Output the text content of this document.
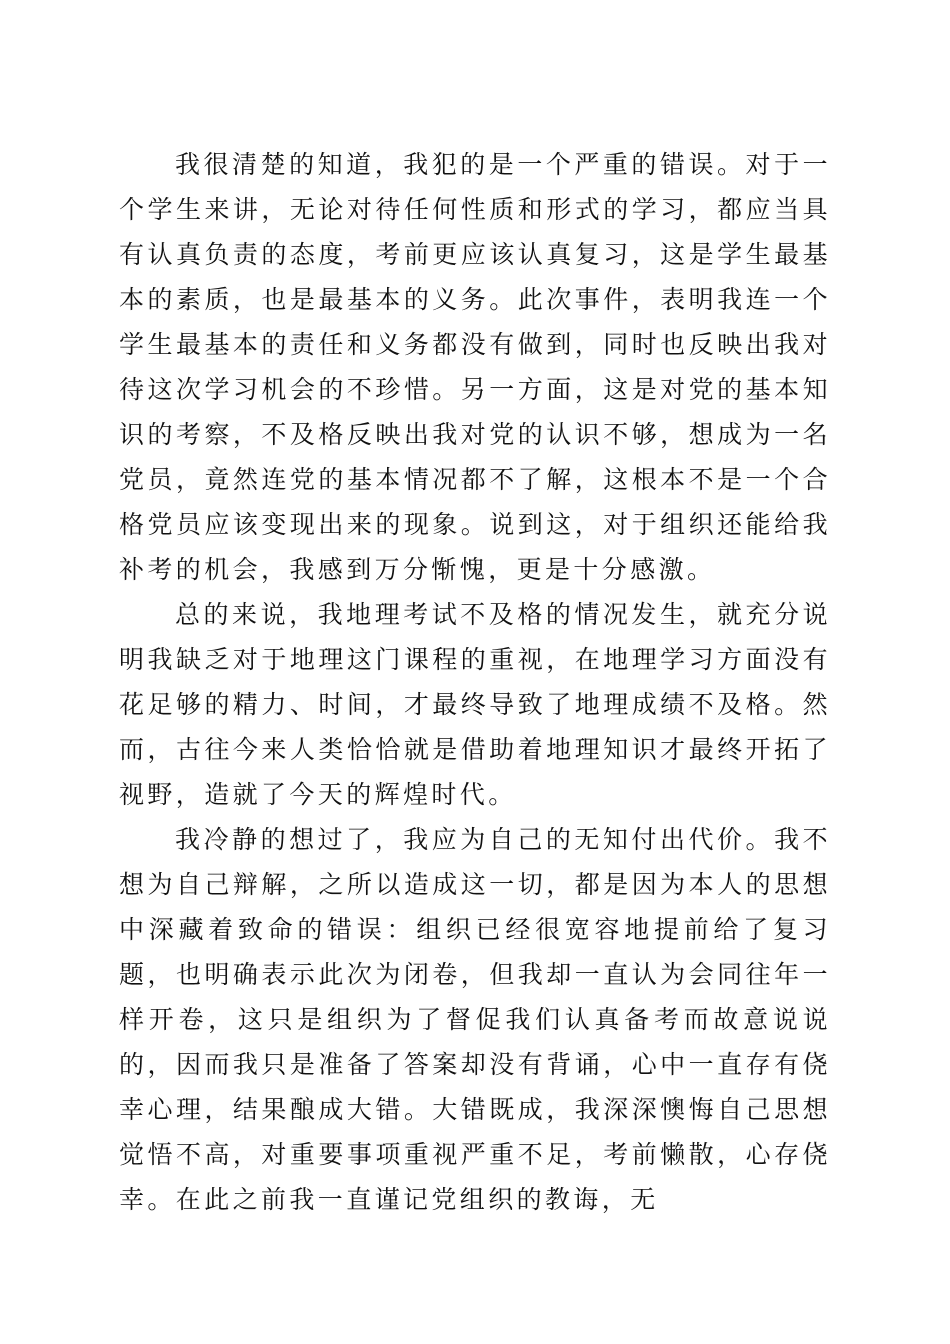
我很清楚的知道，我犯的是一个严重的错误。对于一个学生来讲，无论对待任何性质和形式的学习，都应当具有认真负责的态度，考前更应该认真复习，这是学生最基本的素质，也是最基本的义务。此次事件，表明我连一个学生最基本的责任和义务都没有做到，同时也反映出我对待这次学习机会的不珍惜。另一方面，这是对党的基本知识的考察，不及格反映出我对党的认识不够，想成为一名党员，竟然连党的基本情况都不了解，这根本不是一个合格党员应该变现出来的现象。说到这，对于组织还能给我补考的机会，我感到万分惭愧，更是十分感激。

总的来说，我地理考试不及格的情况发生，就充分说明我缺乏对于地理这门课程的重视，在地理学习方面没有花足够的精力、时间，才最终导致了地理成绩不及格。然而，古往今来人类恰恰就是借助着地理知识才最终开拓了视野，造就了今天的辉煌时代。

我冷静的想过了，我应为自己的无知付出代价。我不想为自己辩解，之所以造成这一切，都是因为本人的思想中深藏着致命的错误：组织已经很宽容地提前给了复习题，也明确表示此次为闭卷，但我却一直认为会同往年一样开卷，这只是组织为了督促我们认真备考而故意说说的，因而我只是准备了答案却没有背诵，心中一直存有侥幸心理，结果酿成大错。大错既成，我深深懊悔自己思想觉悟不高，对重要事项重视严重不足，考前懒散，心存侥幸。在此之前我一直谨记党组织的教诲，无
